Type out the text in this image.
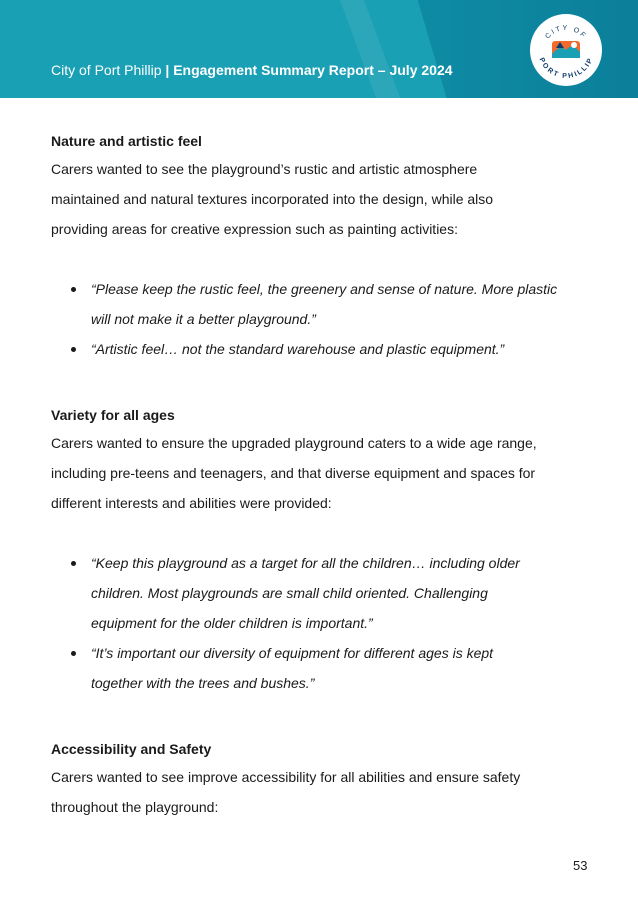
City of Port Phillip | Engagement Summary Report – July 2024
CITY OF
PORT PHILLIP
Nature and artistic feel

Carers wanted to see the playground’s rustic and artistic atmosphere
maintained and natural textures incorporated into the design, while also
providing areas for creative expression such as painting activities:

“Please keep the rustic feel, the greenery and sense of nature. More plastic
will not make it a better playground.”
“Artistic feel… not the standard warehouse and plastic equipment.”
Variety for all ages

Carers wanted to ensure the upgraded playground caters to a wide age range,
including pre-teens and teenagers, and that diverse equipment and spaces for
different interests and abilities were provided:

“Keep this playground as a target for all the children… including older
children. Most playgrounds are small child oriented. Challenging
equipment for the older children is important.”
“It’s important our diversity of equipment for different ages is kept
together with the trees and bushes.”
Accessibility and Safety

Carers wanted to see improve accessibility for all abilities and ensure safety
throughout the playground:

53
